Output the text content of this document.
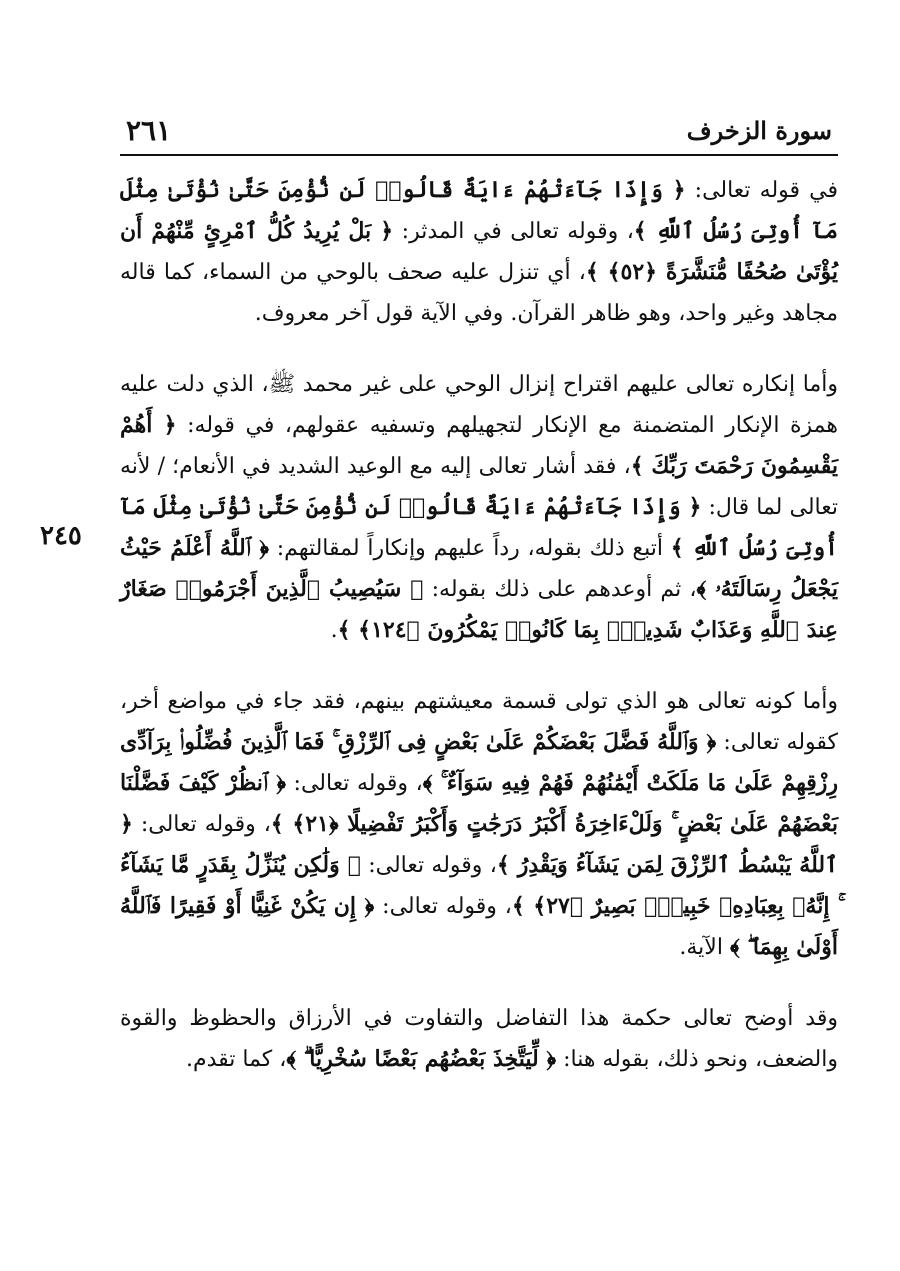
سورة الزخرف
٢٦١

في قوله تعالى: ﴿ وَإِذَا جَآءَتْهُمْ ءَايَةٌ قَالُوا۟ لَن نُّؤْمِنَ حَتَّىٰ نُؤْتَىٰ مِثْلَ مَآ أُوتِىَ رُسُلُ ٱللَّهِ ﴾، وقوله تعالى في المدثر: ﴿ بَلْ يُرِيدُ كُلُّ ٱمْرِئٍ مِّنْهُمْ أَن يُؤْتَىٰ صُحُفًا مُّنَشَّرَةً ﴿٥٢﴾ ﴾، أي تنزل عليه صحف بالوحي من السماء، كما قاله مجاهد وغير واحد، وهو ظاهر القرآن. وفي الآية قول آخر معروف.

وأما إنكاره تعالى عليهم اقتراح إنزال الوحي على غير محمد ﷺ، الذي دلت عليه همزة الإنكار المتضمنة مع الإنكار لتجهيلهم وتسفيه عقولهم، في قوله: ﴿ أَهُمْ يَقْسِمُونَ رَحْمَتَ رَبِّكَ ﴾، فقد أشار تعالى إليه مع الوعيد الشديد في الأنعام؛ / لأنه تعالى لما قال: ﴿ وَإِذَا جَآءَتْهُمْ ءَايَةٌ قَالُوا۟ لَن نُّؤْمِنَ حَتَّىٰ نُؤْتَىٰ مِثْلَ مَآ أُوتِىَ رُسُلُ ٱللَّهِ ﴾ أتبع ذلك بقوله، رداً عليهم وإنكاراً لمقالتهم: ﴿ ٱللَّهُ أَعْلَمُ حَيْثُ يَجْعَلُ رِسَالَتَهُۥ ﴾، ثم أوعدهم على ذلك بقوله: ﴿ سَيُصِيبُ ٱلَّذِينَ أَجْرَمُوا۟ صَغَارٌ عِندَ ٱللَّهِ وَعَذَابٌ شَدِيدٌۢ بِمَا كَانُوا۟ يَمْكُرُونَ ﴿١٢٤﴾ ﴾.

وأما كونه تعالى هو الذي تولى قسمة معيشتهم بينهم، فقد جاء في مواضع أخر، كقوله تعالى: ﴿ وَٱللَّهُ فَضَّلَ بَعْضَكُمْ عَلَىٰ بَعْضٍ فِى ٱلرِّزْقِ ۚ فَمَا ٱلَّذِينَ فُضِّلُوا۟ بِرَآدِّى رِزْقِهِمْ عَلَىٰ مَا مَلَكَتْ أَيْمَٰنُهُمْ فَهُمْ فِيهِ سَوَآءٌ ۚ ﴾، وقوله تعالى: ﴿ ٱنظُرْ كَيْفَ فَضَّلْنَا بَعْضَهُمْ عَلَىٰ بَعْضٍ ۚ وَلَلْءَاخِرَةُ أَكْبَرُ دَرَجَٰتٍ وَأَكْبَرُ تَفْضِيلًا ﴿٢١﴾ ﴾، وقوله تعالى: ﴿ ٱللَّهُ يَبْسُطُ ٱلرِّزْقَ لِمَن يَشَآءُ وَيَقْدِرُ ﴾، وقوله تعالى: ﴿ وَلَٰكِن يُنَزِّلُ بِقَدَرٍ مَّا يَشَآءُ ۚ إِنَّهُۥ بِعِبَادِهِۦ خَبِيرٌۢ بَصِيرٌ ﴿٢٧﴾ ﴾، وقوله تعالى: ﴿ إِن يَكُنْ غَنِيًّا أَوْ فَقِيرًا فَٱللَّهُ أَوْلَىٰ بِهِمَا ۖ ﴾ الآية.

وقد أوضح تعالى حكمة هذا التفاضل والتفاوت في الأرزاق والحظوظ والقوة والضعف، ونحو ذلك، بقوله هنا: ﴿ لِّيَتَّخِذَ بَعْضُهُم بَعْضًا سُخْرِيًّا ۗ ﴾، كما تقدم.

٢٤٥
